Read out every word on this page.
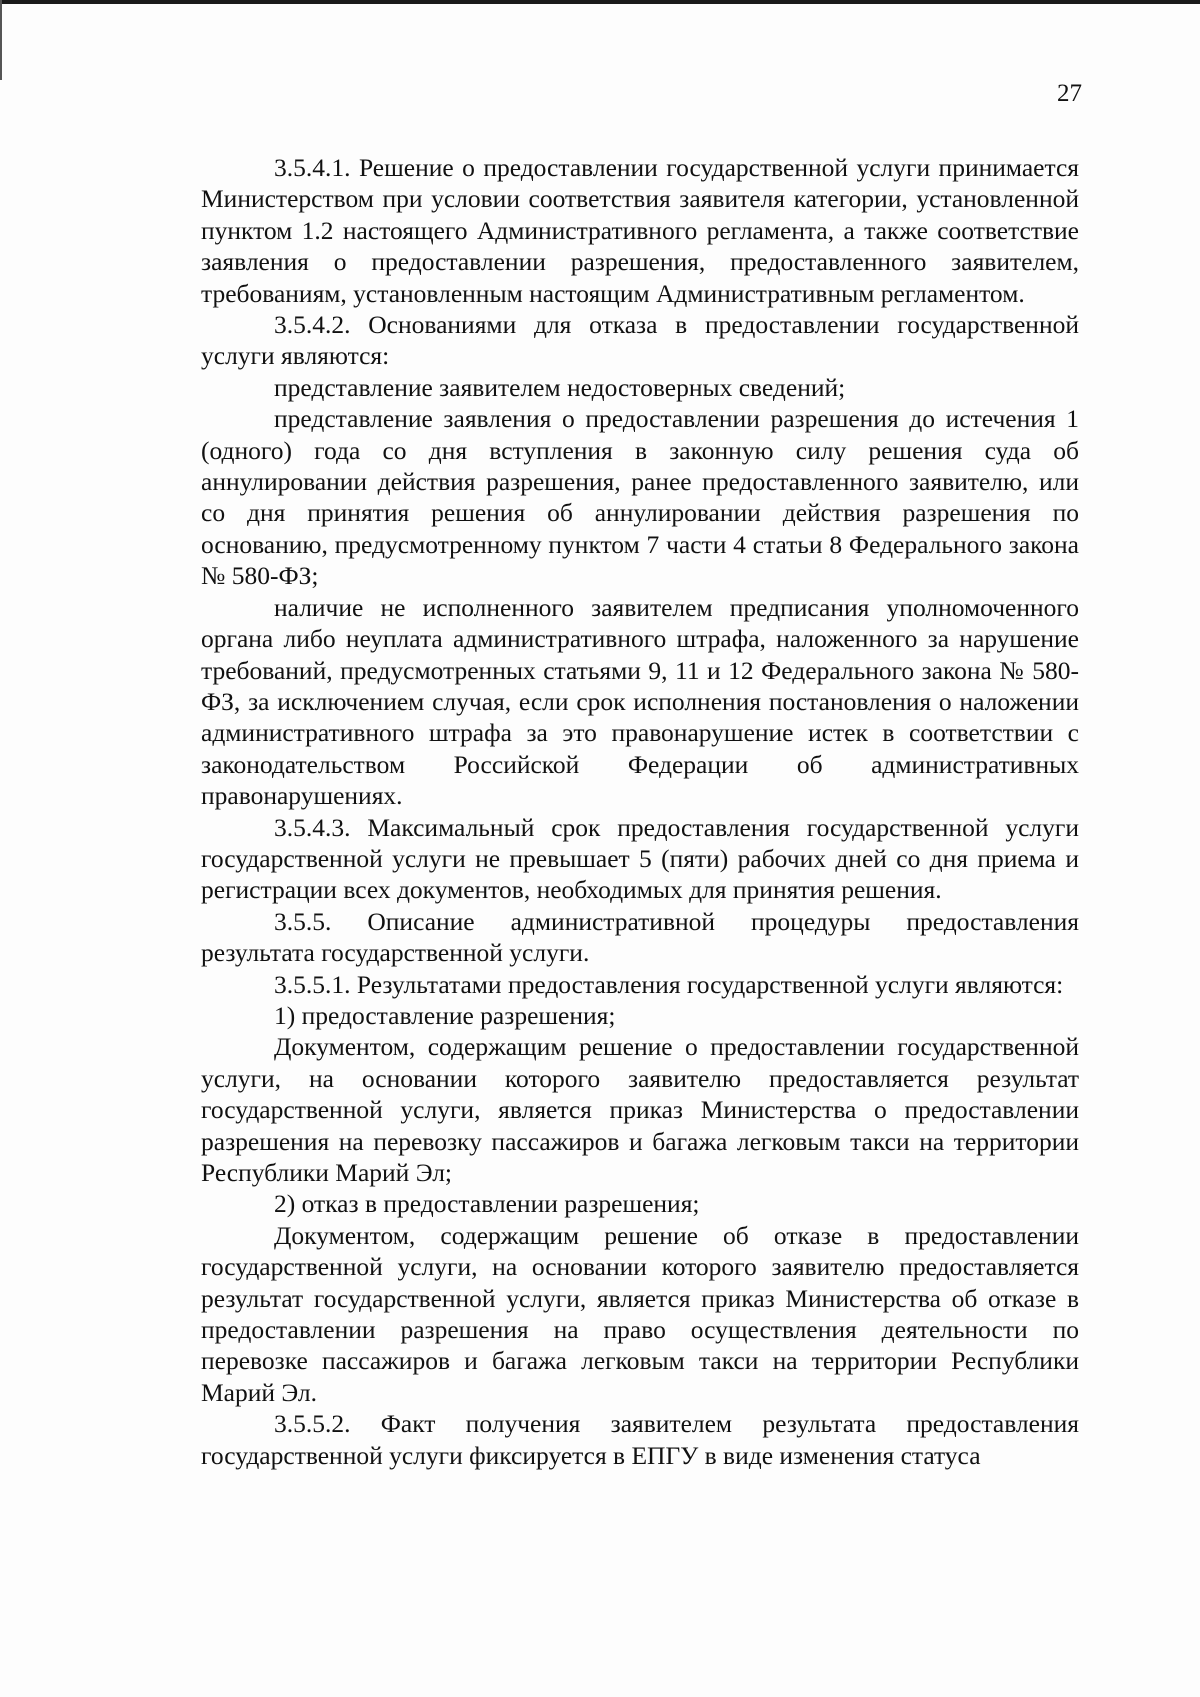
27

3.5.4.1. Решение о предоставлении государственной услуги принимается Министерством при условии соответствия заявителя категории, установленной пунктом 1.2 настоящего Административного регламента, а также соответствие заявления о предоставлении разрешения, предоставленного заявителем, требованиям, установленным настоящим Административным регламентом.

3.5.4.2. Основаниями для отказа в предоставлении государственной услуги являются:

представление заявителем недостоверных сведений;

представление заявления о предоставлении разрешения до истечения 1 (одного) года со дня вступления в законную силу решения суда об аннулировании действия разрешения, ранее предоставленного заявителю, или со дня принятия решения об аннулировании действия разрешения по основанию, предусмотренному пунктом 7 части 4 статьи 8 Федерального закона № 580-ФЗ;

наличие не исполненного заявителем предписания уполномоченного органа либо неуплата административного штрафа, наложенного за нарушение требований, предусмотренных статьями 9, 11 и 12 Федерального закона № 580-ФЗ, за исключением случая, если срок исполнения постановления о наложении административного штрафа за это правонарушение истек в соответствии с законодательством Российской Федерации об административных правонарушениях.

3.5.4.3. Максимальный срок предоставления государственной услуги государственной услуги не превышает 5 (пяти) рабочих дней со дня приема и регистрации всех документов, необходимых для принятия решения.

3.5.5. Описание административной процедуры предоставления результата государственной услуги.

3.5.5.1. Результатами предоставления государственной услуги являются:

1) предоставление разрешения;

Документом, содержащим решение о предоставлении государственной услуги, на основании которого заявителю предоставляется результат государственной услуги, является приказ Министерства о предоставлении разрешения на перевозку пассажиров и багажа легковым такси на территории Республики Марий Эл;

2) отказ в предоставлении разрешения;

Документом, содержащим решение об отказе в предоставлении государственной услуги, на основании которого заявителю предоставляется результат государственной услуги, является приказ Министерства об отказе в предоставлении разрешения на право осуществления деятельности по перевозке пассажиров и багажа легковым такси на территории Республики Марий Эл.

3.5.5.2. Факт получения заявителем результата предоставления государственной услуги фиксируется в ЕПГУ в виде изменения статуса
